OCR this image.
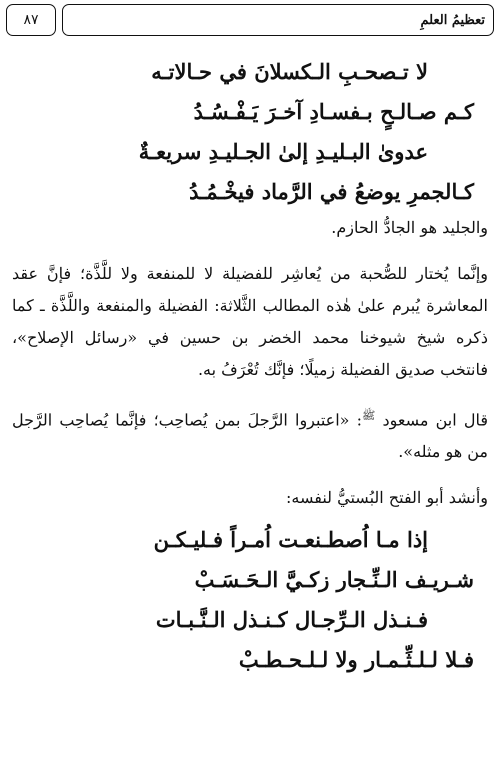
تعظيمُ العلمِ
٨٧
لا تـصحـبِ الـكسلانَ في حـالاتـه
كـم صـالـحٍ بـفسـادِ آخـرَ يَـفْـسُـدُ
عدوىٰ البـليـدِ إلىٰ الجـليـدِ سريعـةٌ
كـالجمرِ يوضعُ في الرَّماد فيخْـمُـدُ
والجليد هو الجادُّ الحازم.
وإنَّما يُختار للصُّحبة من يُعاشِر للفضيلة لا للمنفعة ولا للَّذَّة؛ فإنَّ عقد المعاشرة يُبرم علىٰ هٰذه المطالب الثَّلاثة: الفضيلة والمنفعة واللَّذَّة ـ كما ذكره شيخ شيوخنا محمد الخضر بن حسين في «رسائل الإصلاح»، فانتخب صديق الفضيلة زميلًا؛ فإنَّك تُعْرَفُ به.
قال ابن مسعود $^ﷺ$: «اعتبروا الرَّجلَ بمن يُصاحِب؛ فإنَّما يُصاحِب الرَّجل من هو مثله».
وأنشد أبو الفتح البُستيُّ لنفسه:
إذا مـا اُصطـنعـت اُمـراً فـليـكـن
شـريـف الـنِّـجار زكـيَّ الـحَـسَـبْ
فـنـذل الـرِّجـال كـنـذل الـنَّـبـات
فـلا لـلـثِّـمـار ولا لـلـحـطـبْ
